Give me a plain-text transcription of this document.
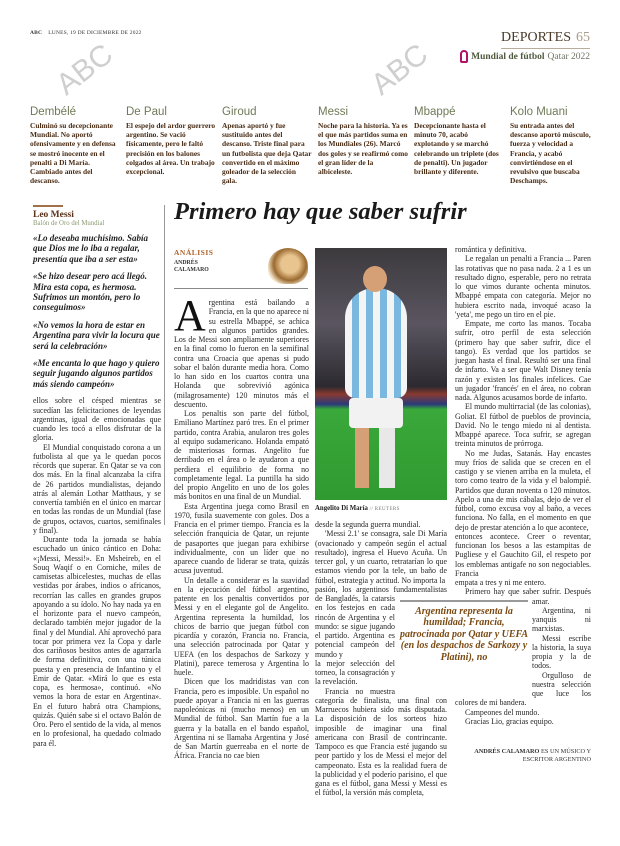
ABC	ABC
ABC LUNES, 19 DE DICIEMBRE DE 2022	DEPORTES 65
Mundial de fútbol Qatar 2022
Dembélé

Culminó su decepcionante Mundial. No aportó ofensivamente y en defensa se mostró inocente en el penalti a Di María. Cambiado antes del descanso.

De Paul

El espejo del ardor guerrero argentino. Se vació físicamente, pero le faltó precisión en los balones colgados al área. Un trabajo excepcional.

Giroud

Apenas aportó y fue sustituido antes del descanso. Triste final para un futbolista que deja Qatar convertido en el máximo goleador de la selección gala.

Messi

Noche para la historia. Ya es el que más partidos suma en los Mundiales (26). Marcó dos goles y se reafirmó como el gran líder de la albiceleste.

Mbappé

Decepcionante hasta el minuto 70, acabó explotando y se marchó celebrando un triplete (dos de penalti). Un jugador brillante y diferente.

Kolo Muani

Su entrada antes del descanso aportó músculo, fuerza y velocidad a Francia, y acabó convirtiéndose en el revulsivo que buscaba Deschamps.

Leo Messi
Balón de Oro del Mundial

«Lo deseaba muchísimo. Sabía que Dios me lo iba a regalar, presentía que iba a ser esta»

«Se hizo desear pero acá llegó. Mira esta copa, es hermosa. Sufrimos un montón, pero lo conseguimos»

«No vemos la hora de estar en Argentina para vivir la locura que será la celebración»

«Me encanta lo que hago y quiero seguir jugando algunos partidos más siendo campeón»

ellos sobre el césped mientras se sucedían las felicitaciones de leyendas argentinas, igual de emocionadas que cuando les tocó a ellos disfrutar de la gloria.

El Mundial conquistado corona a un futbolista al que ya le quedan pocos récords que superar. En Qatar se va con dos más. En la final alcanzaba la cifra de 26 partidos mundialistas, dejando atrás al alemán Lothar Matthaus, y se convertía también en el único en marcar en todas las rondas de un Mundial (fase de grupos, octavos, cuartos, semifinales y final).

Durante toda la jornada se había escuchado un único cántico en Doha: «¡Messi, Messi!». En Msheireb, en el Souq Waqif o en Corniche, miles de camisetas albicelestes, muchas de ellas vestidas por árabes, indios o africanos, recorrían las calles en grandes grupos apoyando a su ídolo. No hay nada ya en el horizonte para el nuevo campeón, declarado también mejor jugador de la final y del Mundial. Ahí aprovechó para tocar por primera vez la Copa y darle dos cariñosos besitos antes de agarrarla de forma definitiva, con una túnica puesta y en presencia de Infantino y el Emir de Qatar. «Mirá lo que es esta copa, es hermosa», continuó. «No vemos la hora de estar en Argentina». En el futuro habrá otra Champions, quizás. Quién sabe si el octavo Balón de Oro. Pero el sentido de la vida, al menos en lo profesional, ha quedado colmado para él.

Primero hay que saber sufrir
ANÁLISIS
ANDRÉS CALAMARO

Argentina está bailando a Francia, en la que no aparece ni su estrella Mbappé, se achica en algunos partidos grandes. Los de Messi son ampliamente superiores en la final como lo fueron en la semifinal contra una Croacia que apenas si pudo sobar el balón durante media hora. Como lo han sido en los cuartos contra una Holanda que sobrevivió agónica (milagrosamente) 120 minutos más el descuento.

Los penaltis son parte del fútbol, Emiliano Martínez paró tres. En el primer partido, contra Arabia, anularon tres goles al equipo sudamericano. Holanda empató de misteriosas formas. Angelito fue derribado en el área o le ayudaron a que perdiera el equilibrio de forma no completamente legal. La puntilla ha sido del propio Angelito en uno de los goles más bonitos en una final de un Mundial.

Esta Argentina juega como Brasil en 1970, fusila suavemente con goles. Dos a Francia en el primer tiempo. Francia es la selección franquicia de Qatar, un rejunte de pasaportes que juegan para exhibirse individualmente, con un líder que no aparece cuando de liderar se trata, quizás acusa juventud.

Un detalle a considerar es la suavidad en la ejecución del fútbol argentino, patente en los penaltis convertidos por Messi y en el elegante gol de Angelito. Argentina representa la humildad, los chicos de barrio que juegan fútbol con picardía y corazón, Francia no. Francia, una selección patrocinada por Qatar y UEFA (en los despachos de Sarkozy y Platini), parece temerosa y Argentina lo huele.

Dicen que los madridistas van con Francia, pero es imposible. Un español no puede apoyar a Francia ni en las guerras napoleónicas ni (mucho menos) en un Mundial de fútbol. San Martín fue a la guerra y la batalla en el bando español, Argentina ni se llamaba Argentina y José de San Martín guerreaba en el norte de África. Francia no cae bien

Angelito Di María // REUTERS

desde la segunda guerra mundial.

'Messi 2.1' se consagra, sale Di María (ovacionado y campeón según el actual resultado), ingresa el Huevo Acuña. Un tercer gol, y un cuarto, retratarían lo que estamos viendo por la tele, un baño de fútbol, estrategia y actitud. No importa la

pasión, los argentinos fundamentalistas de Bangladés, la catarsis en los festejos en cada rincón de Argentina y el mundo: se sigue jugando el partido. Argentina es potencial campeón del mundo y

la mejor selección del torneo, la consagración y la revelación.

Francia no muestra categoría de finalista, una final con Marruecos hubiera sido más disputada. La disposición de los sorteos hizo imposible de imaginar una final americana con Brasil de contrincante. Tampoco es que Francia esté jugando su peor partido y los de Messi el mejor del campeonato. Esta es la realidad fuera de la publicidad y el poderío parisino, el que gana es el fútbol, gana Messi y Messi es el fútbol, la versión más completa,

romántica y definitiva.

Le regalan un penalti a Francia ... Paren las rotativas que no pasa nada. 2 a 1 es un resultado digno, esperable, pero no retrata lo que vimos durante ochenta minutos. Mbappé empata con categoría. Mejor no hubiera escrito nada, invoqué acaso la 'yeta', me pego un tiro en el pie.

Empate, me corto las manos. Tocaba sufrir, otro perfil de esta selección (primero hay que saber sufrir, dice el tango). Es verdad que los partidos se juegan hasta el final. Resultó ser una final de infarto. Va a ser que Walt Disney tenía razón y existen los finales infelices. Cae un jugador 'francés' en el área, no cobran nada. Algunos acusamos borde de infarto.

El mundo multirracial (de las colonias), Goliat. El fútbol de pueblos de provincia, David. No le tengo miedo ni al dentista. Mbappé aparece. Toca sufrir, se agregan treinta minutos de prórroga.

No me Judas, Satanás. Hay encastes muy fríos de salida que se crecen en el castigo y se vienen arriba en la muleta, el toro como teatro de la vida y el balompié. Partidos que duran noventa o 120 minutos. Apelo a una de mis cábalas, dejo de ver el fútbol, como excusa voy al baño, a veces funciona. No falla, en el momento en que dejo de prestar atención a lo que acontece,

entonces acontece. Creer o reventar, funcionan los besos a las estampitas de Pugliese y el Gauchito Gil, el respeto por los emblemas antigafe no son negociables. Francia

empata a tres y ni me entero.

Primero hay que saber sufrir. Después amar.

Argentina, ni yanquis ni marxistas.

Messi escribe la historia, la suya propia y la de todos.

Orgulloso de nuestra selección que luce los colores de mi bandera.

Campeones del mundo.

Gracias Lio, gracias equipo.

ANDRÉS CALAMARO ES UN MÚSICO Y ESCRITOR ARGENTINO
Argentina representa la humildad; Francia, patrocinada por Qatar y UEFA (en los despachos de Sarkozy y Platini), no
